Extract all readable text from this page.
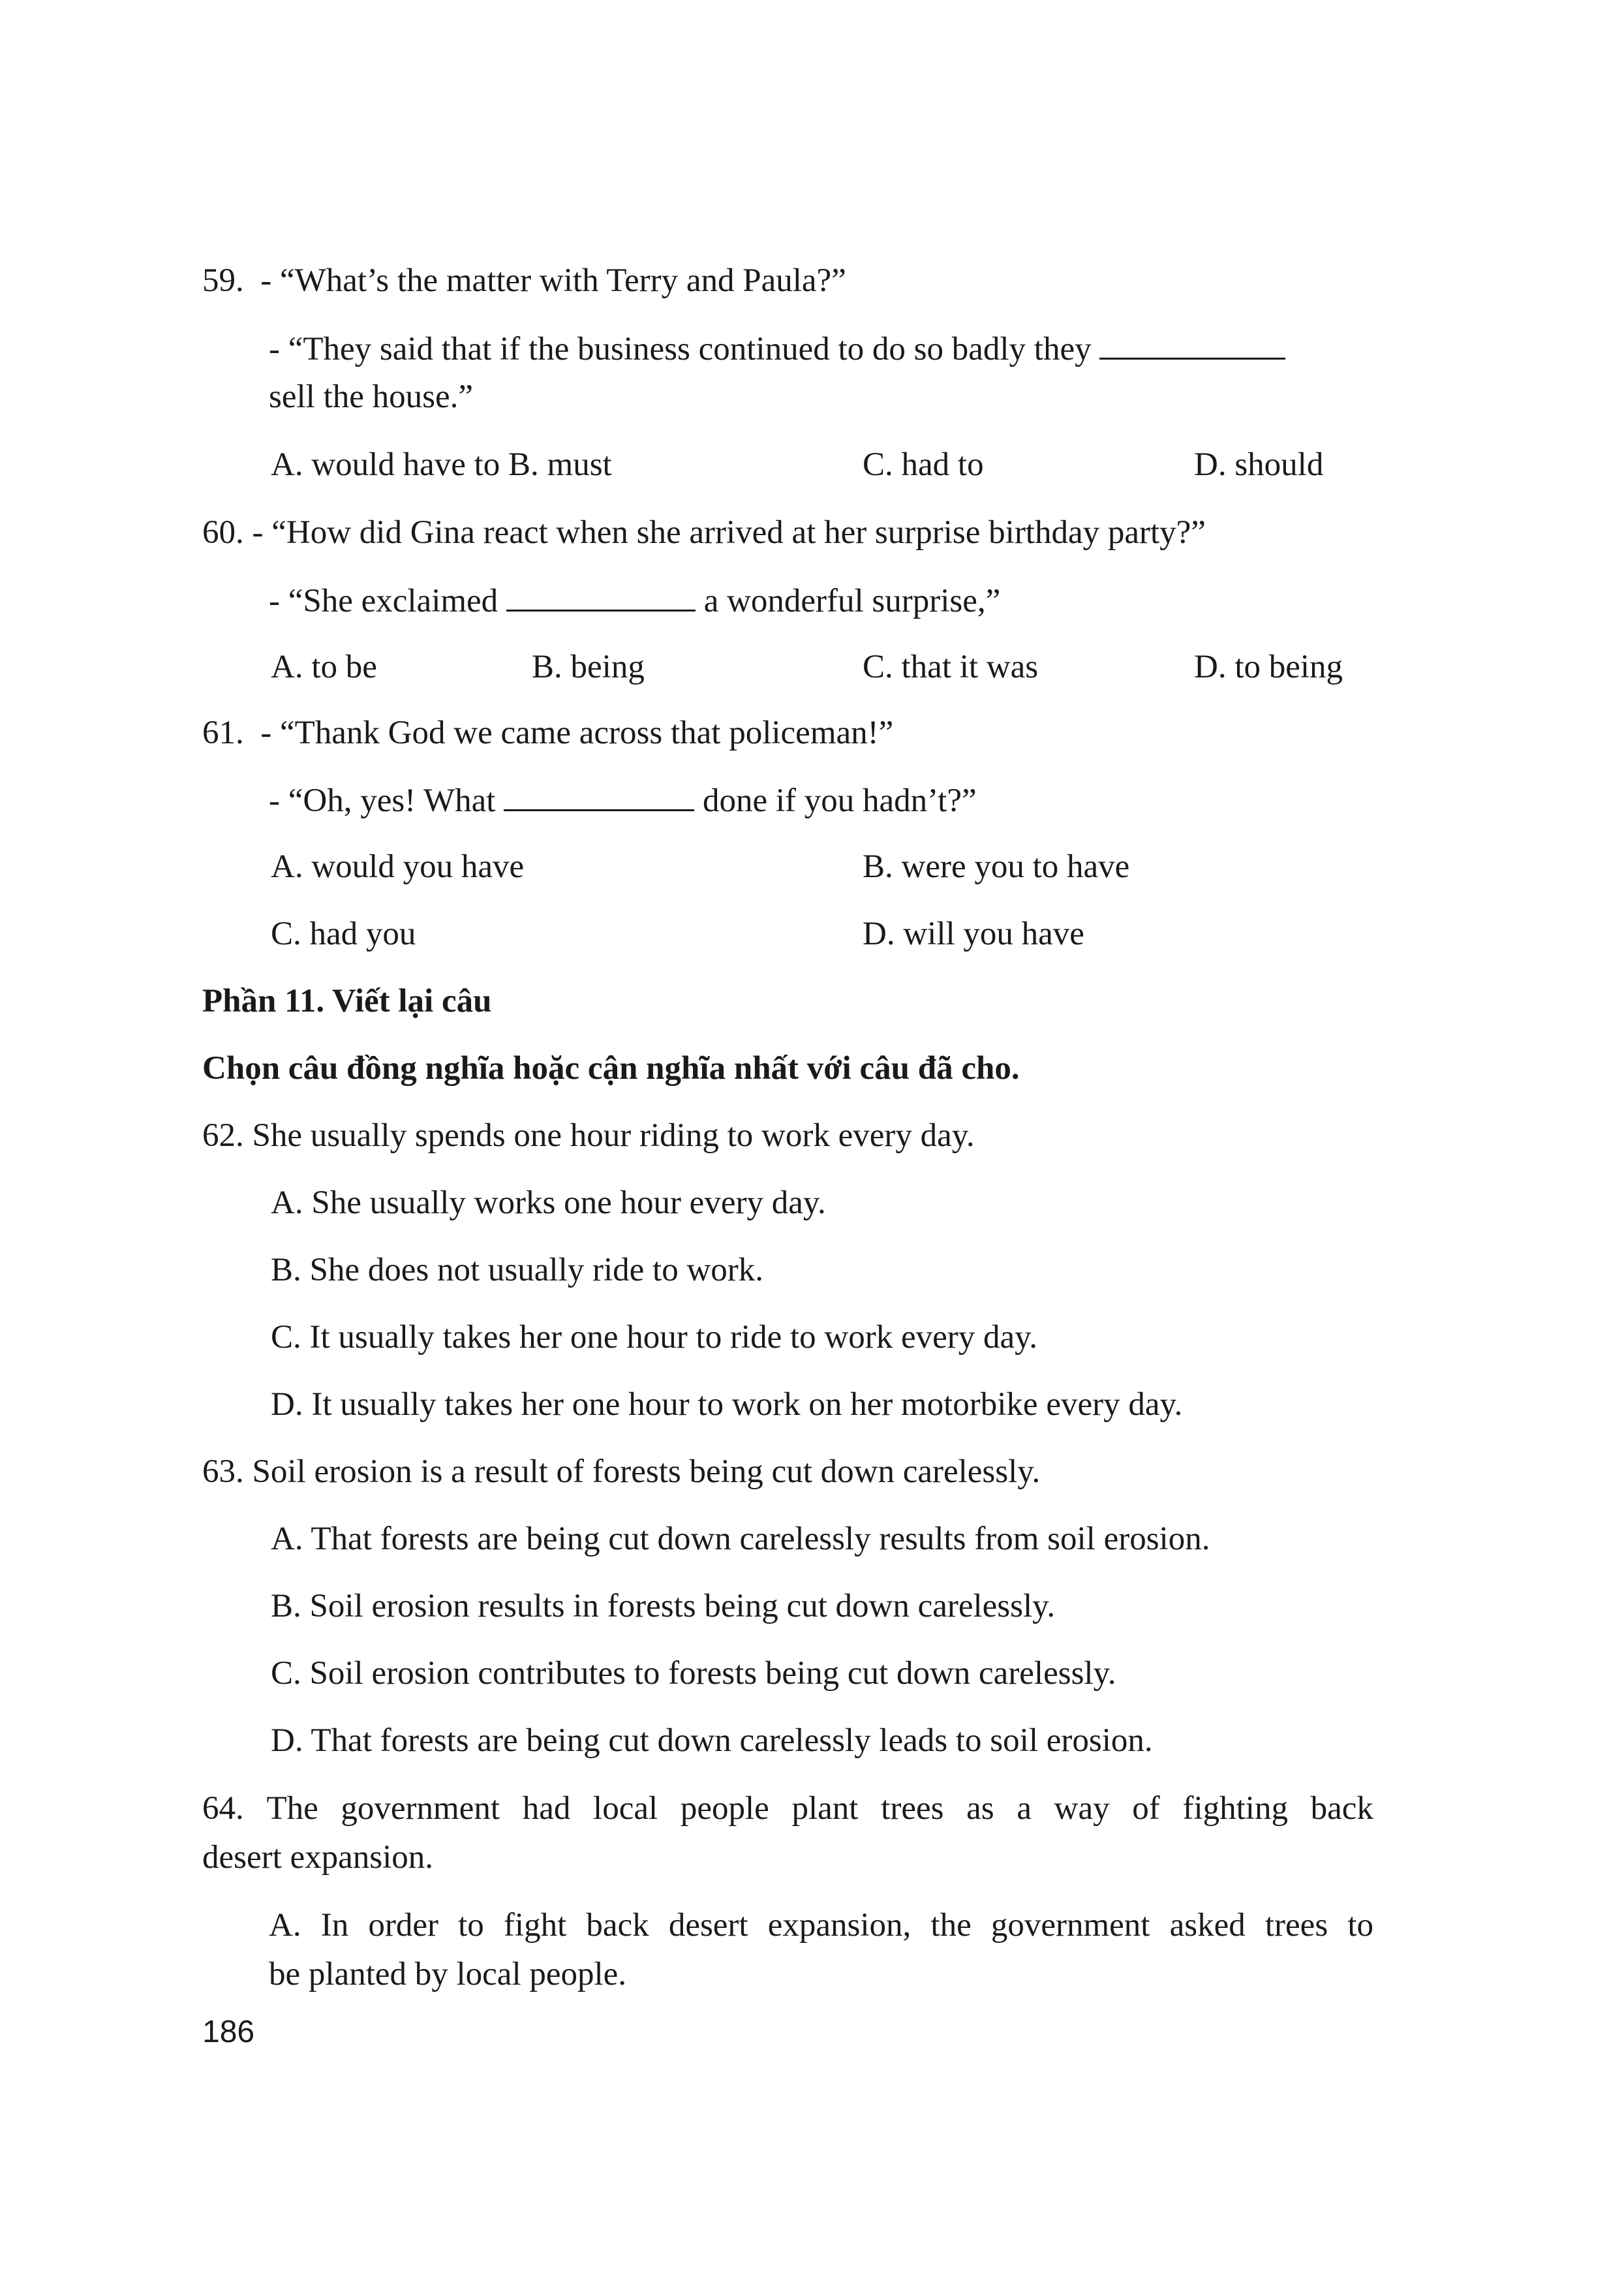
59. - “What’s the matter with Terry and Paula?”
- “They said that if the business continued to do so badly they
sell the house.”
A. would have to B. must	C. had to	D. should
60. - “How did Gina react when she arrived at her surprise birthday party?”
- “She exclaimed	a wonderful surprise,”
A. to be	B. being	C. that it was	D. to being
61. - “Thank God we came across that policeman!”
- “Oh, yes! What	done if you hadn’t?”
A. would you have	B. were you to have
C. had you	D. will you have
Phần 11. Viết lại câu
Chọn câu đồng nghĩa hoặc cận nghĩa nhất với câu đã cho.
62. She usually spends one hour riding to work every day.
A. She usually works one hour every day.
B. She does not usually ride to work.
C. It usually takes her one hour to ride to work every day.
D. It usually takes her one hour to work on her motorbike every day.
63. Soil erosion is a result of forests being cut down carelessly.
A. That forests are being cut down carelessly results from soil erosion.
B. Soil erosion results in forests being cut down carelessly.
C. Soil erosion contributes to forests being cut down carelessly.
D. That forests are being cut down carelessly leads to soil erosion.
64. The government had local people plant trees as a way of fighting back
desert expansion.
A. In order to fight back desert expansion, the government asked trees to
be planted by local people.
186
